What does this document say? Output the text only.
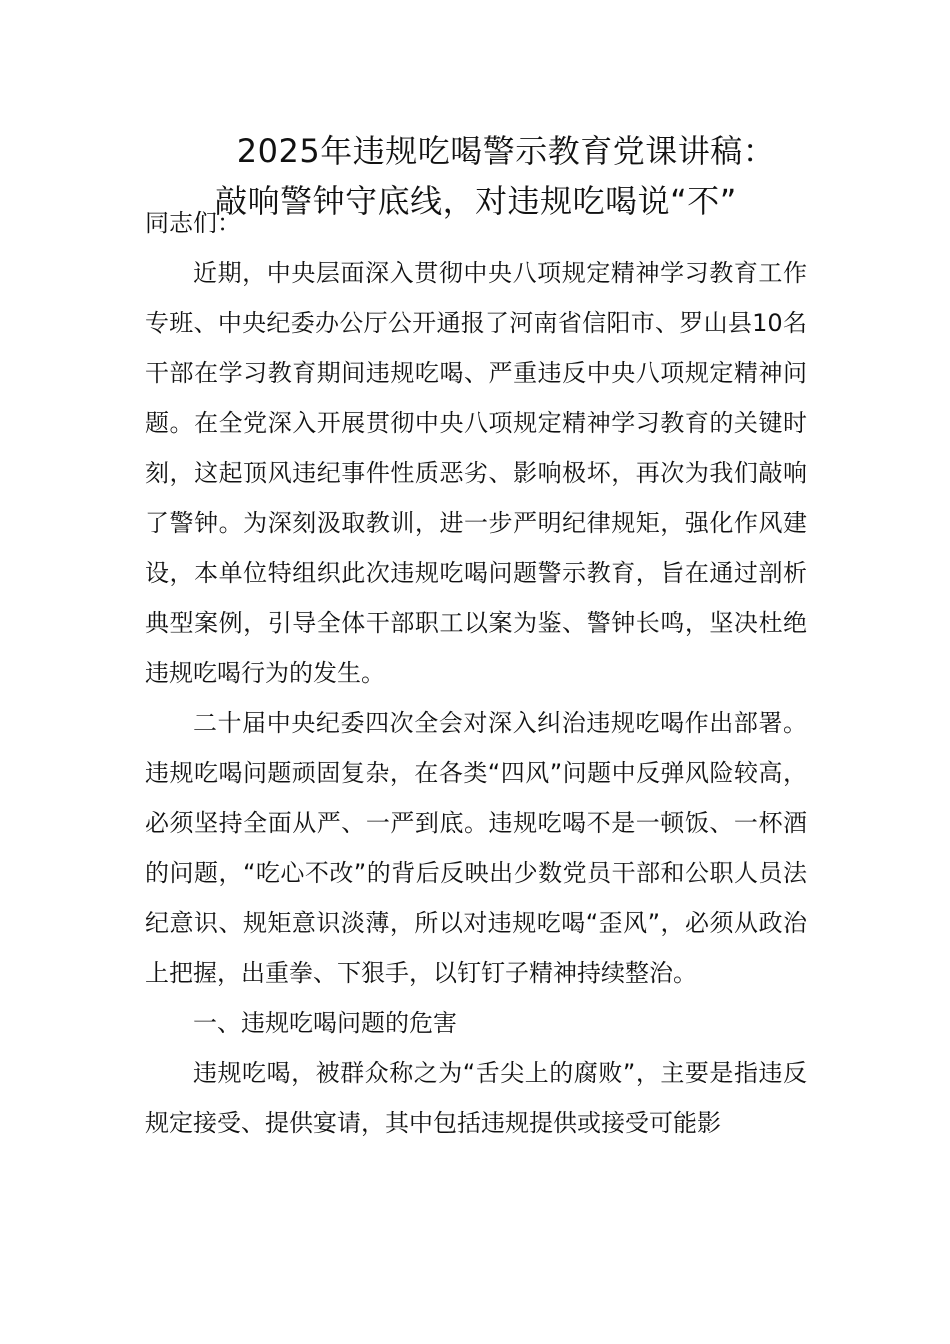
2025年违规吃喝警示教育党课讲稿：
敲响警钟守底线，对违规吃喝说“不”

同志们：

近期，中央层面深入贯彻中央八项规定精神学习教育工作专班、中央纪委办公厅公开通报了河南省信阳市、罗山县10名干部在学习教育期间违规吃喝、严重违反中央八项规定精神问题。在全党深入开展贯彻中央八项规定精神学习教育的关键时刻，这起顶风违纪事件性质恶劣、影响极坏，再次为我们敲响了警钟。为深刻汲取教训，进一步严明纪律规矩，强化作风建设，本单位特组织此次违规吃喝问题警示教育，旨在通过剖析典型案例，引导全体干部职工以案为鉴、警钟长鸣，坚决杜绝违规吃喝行为的发生。

二十届中央纪委四次全会对深入纠治违规吃喝作出部署。违规吃喝问题顽固复杂，在各类“四风”问题中反弹风险较高，必须坚持全面从严、一严到底。违规吃喝不是一顿饭、一杯酒的问题，“吃心不改”的背后反映出少数党员干部和公职人员法纪意识、规矩意识淡薄，所以对违规吃喝“歪风”，必须从政治上把握，出重拳、下狠手，以钉钉子精神持续整治。

一、违规吃喝问题的危害

违规吃喝，被群众称之为“舌尖上的腐败”，主要是指违反规定接受、提供宴请，其中包括违规提供或接受可能影
